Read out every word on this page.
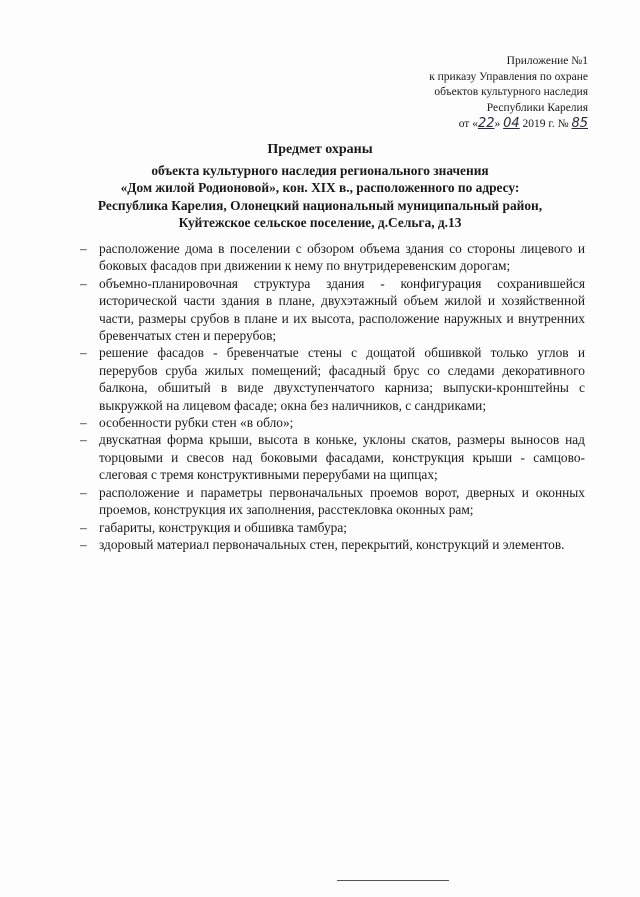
Приложение №1
к приказу Управления по охране
объектов культурного наследия
Республики Карелия
от «22» 04 2019 г. № 85
Предмет охраны
объекта культурного наследия регионального значения
«Дом жилой Родионовой», кон. XIX в., расположенного по адресу:
Республика Карелия, Олонецкий национальный муниципальный район,
Куйтежское сельское поселение, д.Сельга, д.13
– расположение дома в поселении с обзором объема здания со стороны лицевого и боковых фасадов при движении к нему по внутридеревенским дорогам;
– объемно-планировочная структура здания - конфигурация сохранившейся исторической части здания в плане, двухэтажный объем жилой и хозяйственной части, размеры срубов в плане и их высота, расположение наружных и внутренних бревенчатых стен и перерубов;
– решение фасадов - бревенчатые стены с дощатой обшивкой только углов и перерубов сруба жилых помещений; фасадный брус со следами декоративного балкона, обшитый в виде двухступенчатого карниза; выпуски-кронштейны с выкружкой на лицевом фасаде; окна без наличников, с сандриками;
– особенности рубки стен «в обло»;
– двускатная форма крыши, высота в коньке, уклоны скатов, размеры выносов над торцовыми и свесов над боковыми фасадами, конструкция крыши - самцово-слеговая с тремя конструктивными перерубами на щипцах;
– расположение и параметры первоначальных проемов ворот, дверных и оконных проемов, конструкция их заполнения, расстекловка оконных рам;
– габариты, конструкция и обшивка тамбура;
– здоровый материал первоначальных стен, перекрытий, конструкций и элементов.
